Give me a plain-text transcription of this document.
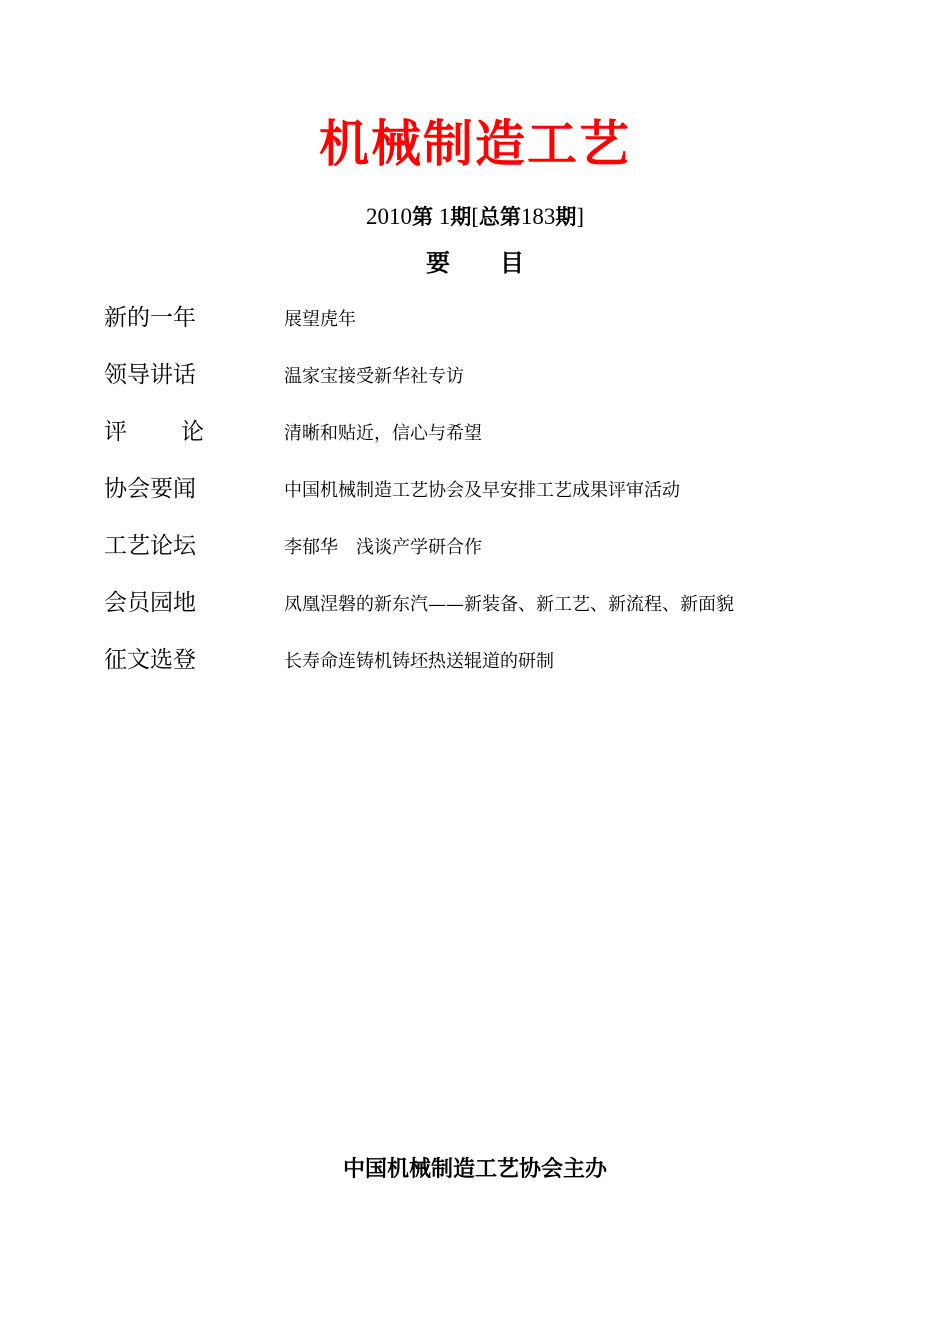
机械制造工艺
2010第 1期[总第183期]
要 目
新的一年	展望虎年
领导讲话	温家宝接受新华社专访
评论	清晰和贴近，信心与希望
协会要闻	中国机械制造工艺协会及早安排工艺成果评审活动
工艺论坛	李郁华　浅谈产学研合作
会员园地	凤凰涅磐的新东汽——新装备、新工艺、新流程、新面貌
征文选登	长寿命连铸机铸坯热送辊道的研制
中国机械制造工艺协会主办
